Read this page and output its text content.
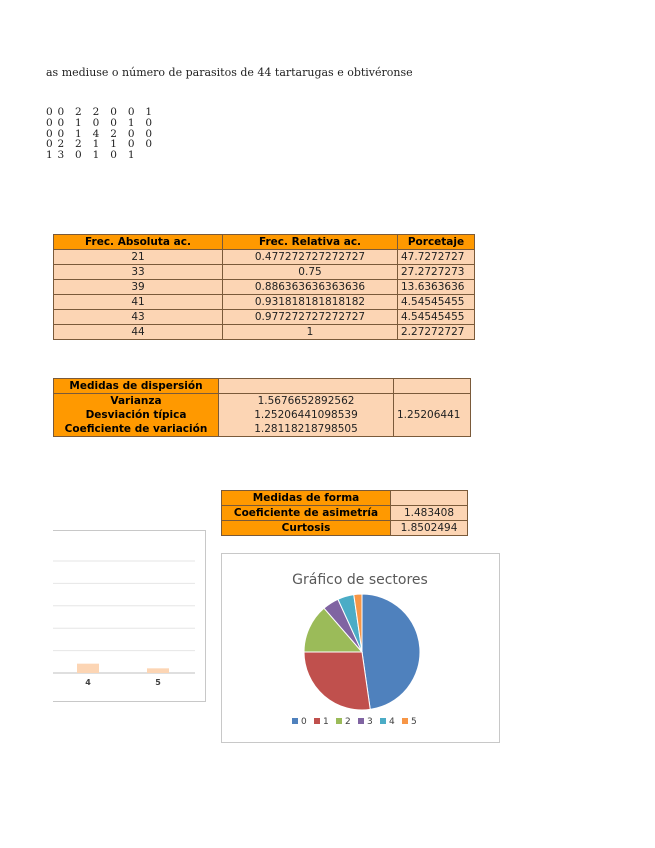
as mediuse o número de parasitos de 44 tartarugas e obtivéronse
0 0 2 2 0 0 1
0 0 1 0 0 1 0
0 0 1 4 2 0 0
0 2 2 1 1 0 0
1 3 0 1 0 1
Frec. Absoluta ac.	Frec. Relativa ac.	Porcetaje
21	0.477272727272727	47.7272727
33	0.75	27.2727273
39	0.886363636363636	13.6363636
41	0.931818181818182	4.54545455
43	0.977272727272727	4.54545455
44	1	2.27272727
Medidas de dispersión		
Varianza	1.5676652892562	1.25206441
Desviación típica	1.25206441098539	
Coeficiente de variación	1.28118218798505	
Medidas de forma	
Coeficiente de asimetría	1.483408
Curtosis	1.8502494
4	5
Gráfico de sectores
0 1 2 3 4 5
